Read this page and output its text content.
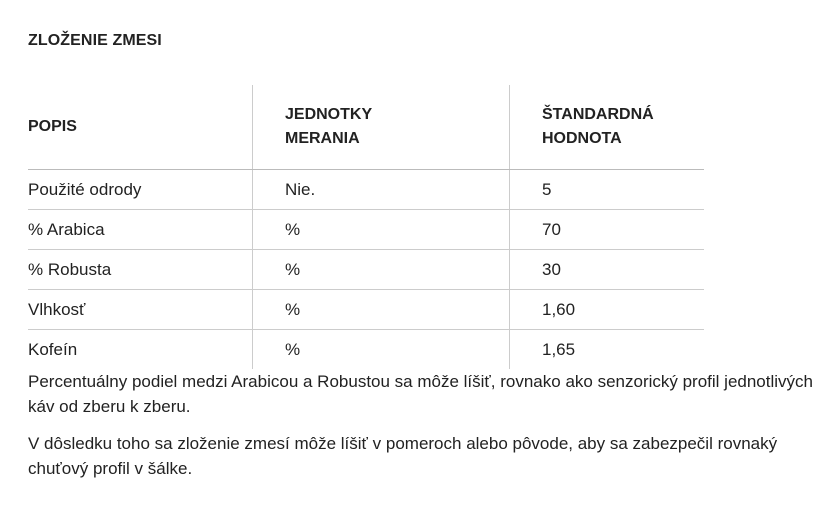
ZLOŽENIE ZMESI
POPIS	JEDNOTKY MERANIA	ŠTANDARDNÁ HODNOTA
Použité odrody	Nie.	5
% Arabica	%	70
% Robusta	%	30
Vlhkosť	%	1,60
Kofeín	%	1,65

Percentuálny podiel medzi Arabicou a Robustou sa môže líšiť, rovnako ako senzorický profil jednotlivých káv od zberu k zberu.

V dôsledku toho sa zloženie zmesí môže líšiť v pomeroch alebo pôvode, aby sa zabezpečil rovnaký chuťový profil v šálke.
